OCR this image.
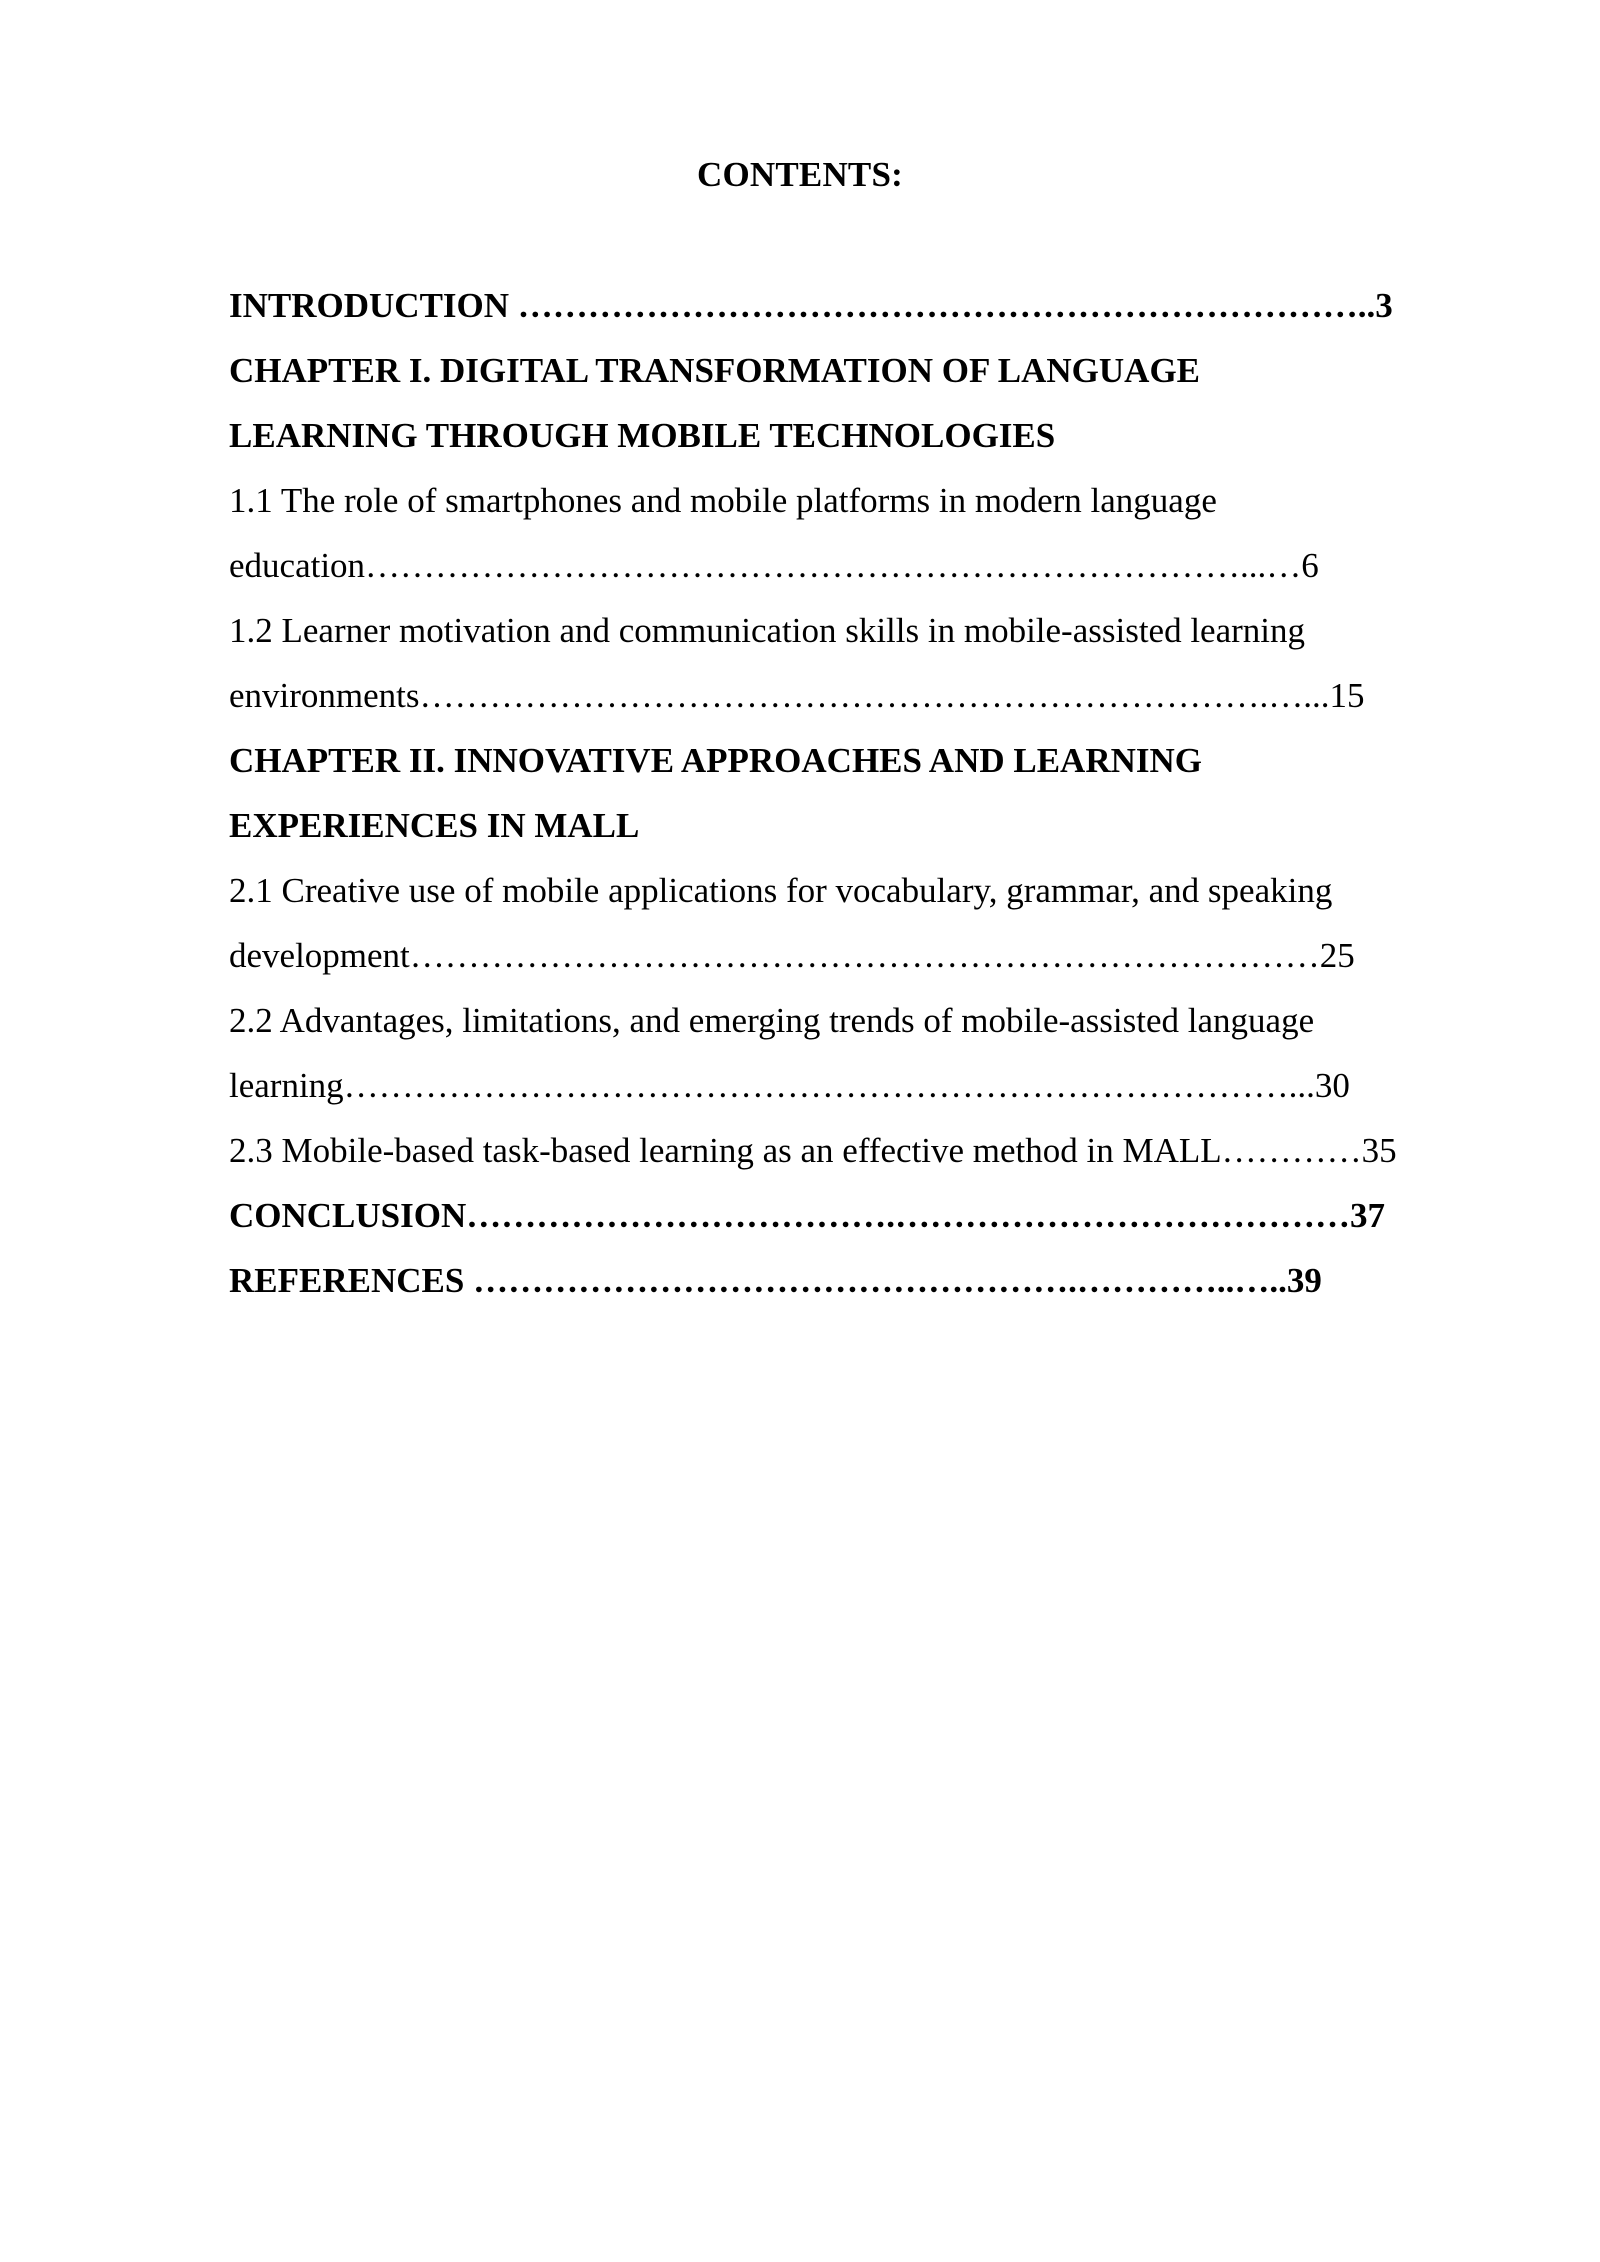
CONTENTS:
INTRODUCTION ………………………………………………………………..3
CHAPTER I. DIGITAL TRANSFORMATION OF LANGUAGE
LEARNING THROUGH MOBILE TECHNOLOGIES
1.1 The role of smartphones and mobile platforms in modern language
education…………………………………………………………………...…6
1.2 Learner motivation and communication skills in mobile-assisted learning
environments……………………………………………………………….…...15
CHAPTER II. INNOVATIVE APPROACHES AND LEARNING
EXPERIENCES IN MALL
2.1 Creative use of mobile applications for vocabulary, grammar, and speaking
development……………………………………………………………………25
2.2 Advantages, limitations, and emerging trends of mobile-assisted language
learning………………………………………………………………………...30
2.3 Mobile-based task-based learning as an effective method in MALL…………35
CONCLUSION……………………………….…………………………………37
REFERENCES …………………………………………….…………..…..39
